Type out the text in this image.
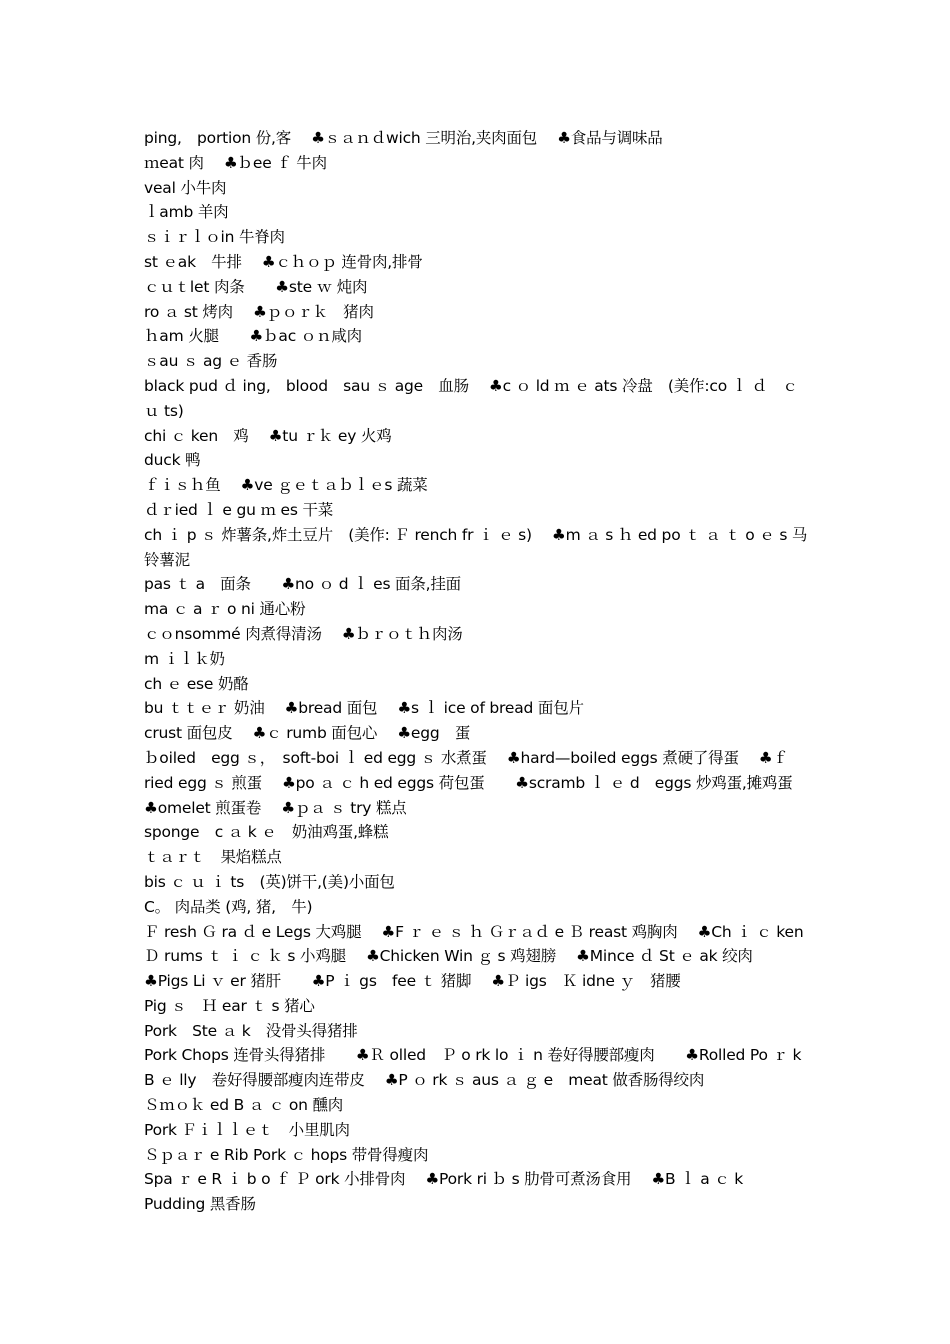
ping,　portion 份,客　 ♣ｓａｎｄwich 三明治,夹肉面包　 ♣食品与调味品
ｍeat 肉　 ♣ｂee ｆ 牛肉
veal 小牛肉
ｌamb 羊肉
ｓｉｒｌｏin 牛脊肉
st ｅak　牛排　 ♣ｃｈｏｐ 连骨肉,排骨
ｃｕｔlet 肉条　　♣ste ｗ 炖肉
ro ａ st 烤肉　 ♣ｐｏｒｋ　猪肉
ｈam 火腿　　♣ｂac ｏｎ咸肉
ｓau ｓ ag ｅ 香肠
black pud ｄ ing,　blood　sau ｓ age　血肠　 ♣c ｏ ld ｍ ｅ ats 冷盘　(美作:co ｌ ｄ　ｃ ｕ ts)
chi ｃ ken　鸡　 ♣tu ｒｋ ey 火鸡
duck 鸭
ｆｉｓｈ鱼　 ♣ve ｇｅｔａｂｌｅs 蔬菜
ｄｒied ｌ e gu ｍ es 干菜
ch ｉ p ｓ 炸薯条,炸土豆片　(美作: Ｆ rench fr ｉ ｅ s)　 ♣m ａ s ｈ ed po ｔ ａ ｔ o ｅ s 马铃薯泥
pas ｔ a　面条　　♣no ｏ d ｌ es 面条,挂面
ma ｃ a ｒ o ni 通心粉
ｃｏnsommé 肉煮得清汤　 ♣ｂｒｏｔｈ肉汤
m ｉｌｋ奶
ch ｅ ese 奶酪
bu ｔｔｅｒ 奶油　 ♣bread 面包　 ♣s ｌ ice of bread 面包片
crust 面包皮　 ♣ｃ rumb 面包心　 ♣egg　蛋
ｂoiled　egg ｓ，　soft-boi ｌ ed egg ｓ 水煮蛋　 ♣hard—boiled eggs 煮硬了得蛋　 ♣ｆried egg ｓ 煎蛋　 ♣po ａ ｃ h ed eggs 荷包蛋　　♣scramb ｌ ｅ d　eggs 炒鸡蛋,摊鸡蛋　 ♣omelet 煎蛋卷　 ♣ｐａ ｓ try 糕点
sponge　c ａ k ｅ　奶油鸡蛋,蜂糕
ｔａｒｔ　果焰糕点
bis ｃ ｕ ｉ ts　(英)饼干,(美)小面包
C。 肉品类 (鸡, 猪,　牛)
Ｆ resh Ｇ ra ｄ e Legs 大鸡腿　 ♣F ｒ ｅ ｓ ｈ Ｇｒａｄ e Ｂ reast 鸡胸肉　 ♣Ch ｉ ｃ ken Ｄ rums ｔ ｉ ｃ ｋ s 小鸡腿　 ♣Chicken Win ｇ s 鸡翅膀　 ♣Mince ｄ St ｅ ak 绞肉
♣Pigs Li ｖ er 猪肝　　♣P ｉ gs　fee ｔ 猪脚　 ♣Ｐ igs　Ｋ idne ｙ　猪腰
Pig ｓ　Ｈ ear ｔ s 猪心
Pork　Ste ａ k　没骨头得猪排
Pork Chops 连骨头得猪排　　♣Ｒ olled　Ｐ o rk lo ｉ n 卷好得腰部瘦肉　　♣Rolled Po ｒ k B ｅ lly　卷好得腰部瘦肉连带皮　 ♣P ｏ rk ｓ aus ａ ｇ e　meat 做香肠得绞肉
Ｓｍｏｋ ed B ａ ｃ on 醺肉
Pork Ｆｉｌｌｅｔ　小里肌肉
Ｓｐａｒ e Rib Pork ｃ hops 带骨得瘦肉
Spa ｒ e R ｉ b o ｆ Ｐ ork 小排骨肉　 ♣Pork ri ｂ s 肋骨可煮汤食用　 ♣B ｌ a ｃ k Pudding 黑香肠
